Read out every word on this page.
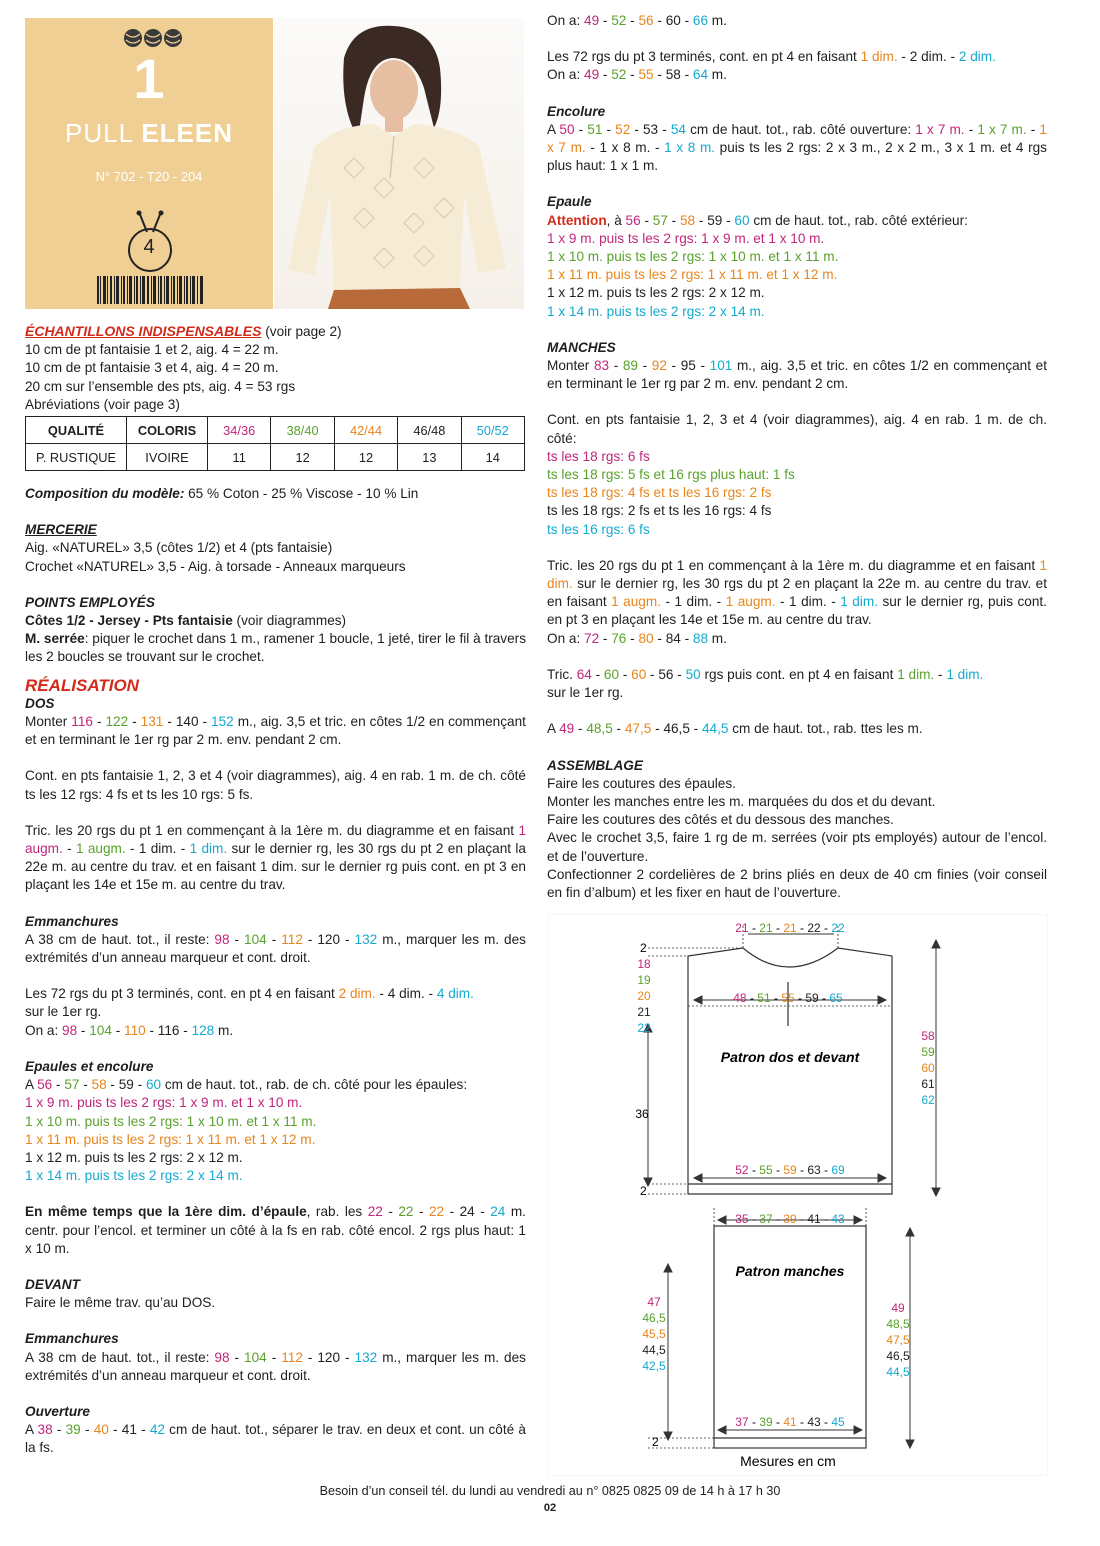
1
PULL ELEEN
N° 702 - T20 - 204
4

ÉCHANTILLONS INDISPENSABLES (voir page 2)

10 cm de pt fantaisie 1 et 2, aig. 4 = 22 m.

10 cm de pt fantaisie 3 et 4, aig. 4 = 20 m.

20 cm sur l’ensemble des pts, aig. 4 = 53 rgs

Abréviations (voir page 3)

QUALITÉ	COLORIS	34/36	38/40	42/44	46/48	50/52
P. RUSTIQUE	IVOIRE	11	12	12	13	14

Composition du modèle: 65 % Coton - 25 % Viscose - 10 % Lin

MERCERIE

Aig. «NATUREL» 3,5 (côtes 1/2) et 4 (pts fantaisie)

Crochet «NATUREL» 3,5 - Aig. à torsade - Anneaux marqueurs

POINTS EMPLOYÉS

Côtes 1/2 - Jersey - Pts fantaisie (voir diagrammes)

M. serrée: piquer le crochet dans 1 m., ramener 1 boucle, 1 jeté, tirer le fil à travers les 2 boucles se trouvant sur le crochet.

RÉALISATION

DOS

Monter 116 - 122 - 131 - 140 - 152 m., aig. 3,5 et tric. en côtes 1/2 en commençant et en terminant le 1er rg par 2 m. env. pendant 2 cm.

Cont. en pts fantaisie 1, 2, 3 et 4 (voir diagrammes), aig. 4 en rab. 1 m. de ch. côté ts les 12 rgs: 4 fs et ts les 10 rgs: 5 fs.

Tric. les 20 rgs du pt 1 en commençant à la 1ère m. du diagramme et en faisant 1 augm. - 1 augm. - 1 dim. - 1 dim. sur le dernier rg, les 30 rgs du pt 2 en plaçant la 22e m. au centre du trav. et en faisant 1 dim. sur le dernier rg puis cont. en pt 3 en plaçant les 14e et 15e m. au centre du trav.

Emmanchures

A 38 cm de haut. tot., il reste: 98 - 104 - 112 - 120 - 132 m., marquer les m. des extrémités d’un anneau marqueur et cont. droit.

Les 72 rgs du pt 3 terminés, cont. en pt 4 en faisant 2 dim. - 4 dim. - 4 dim.

sur le 1er rg.

On a: 98 - 104 - 110 - 116 - 128 m.

Epaules et encolure

A 56 - 57 - 58 - 59 - 60 cm de haut. tot., rab. de ch. côté pour les épaules:

1 x 9 m. puis ts les 2 rgs: 1 x 9 m. et 1 x 10 m.

1 x 10 m. puis ts les 2 rgs: 1 x 10 m. et 1 x 11 m.

1 x 11 m. puis ts les 2 rgs: 1 x 11 m. et 1 x 12 m.

1 x 12 m. puis ts les 2 rgs: 2 x 12 m.

1 x 14 m. puis ts les 2 rgs: 2 x 14 m.

En même temps que la 1ère dim. d’épaule, rab. les 22 - 22 - 22 - 24 - 24 m. centr. pour l’encol. et terminer un côté à la fs en rab. côté encol. 2 rgs plus haut: 1 x 10 m.

DEVANT

Faire le même trav. qu’au DOS.

Emmanchures

A 38 cm de haut. tot., il reste: 98 - 104 - 112 - 120 - 132 m., marquer les m. des extrémités d’un anneau marqueur et cont. droit.

Ouverture

A 38 - 39 - 40 - 41 - 42 cm de haut. tot., séparer le trav. en deux et cont. un côté à la fs.

On a: 49 - 52 - 56 - 60 - 66 m.

Les 72 rgs du pt 3 terminés, cont. en pt 4 en faisant 1 dim. - 2 dim. - 2 dim.

On a: 49 - 52 - 55 - 58 - 64 m.

Encolure

A 50 - 51 - 52 - 53 - 54 cm de haut. tot., rab. côté ouverture: 1 x 7 m. - 1 x 7 m. - 1 x 7 m. - 1 x 8 m. - 1 x 8 m. puis ts les 2 rgs: 2 x 3 m., 2 x 2 m., 3 x 1 m. et 4 rgs plus haut: 1 x 1 m.

Epaule

Attention, à 56 - 57 - 58 - 59 - 60 cm de haut. tot., rab. côté extérieur:

1 x 9 m. puis ts les 2 rgs: 1 x 9 m. et 1 x 10 m.

1 x 10 m. puis ts les 2 rgs: 1 x 10 m. et 1 x 11 m.

1 x 11 m. puis ts les 2 rgs: 1 x 11 m. et 1 x 12 m.

1 x 12 m. puis ts les 2 rgs: 2 x 12 m.

1 x 14 m. puis ts les 2 rgs: 2 x 14 m.

MANCHES

Monter 83 - 89 - 92 - 95 - 101 m., aig. 3,5 et tric. en côtes 1/2 en commençant et en terminant le 1er rg par 2 m. env. pendant 2 cm.

Cont. en pts fantaisie 1, 2, 3 et 4 (voir diagrammes), aig. 4 en rab. 1 m. de ch. côté:

ts les 18 rgs: 6 fs

ts les 18 rgs: 5 fs et 16 rgs plus haut: 1 fs

ts les 18 rgs: 4 fs et ts les 16 rgs: 2 fs

ts les 18 rgs: 2 fs et ts les 16 rgs: 4 fs

ts les 16 rgs: 6 fs

Tric. les 20 rgs du pt 1 en commençant à la 1ère m. du diagramme et en faisant 1 dim. sur le dernier rg, les 30 rgs du pt 2 en plaçant la 22e m. au centre du trav. et en faisant 1 augm. - 1 dim. - 1 augm. - 1 dim. - 1 dim. sur le dernier rg, puis cont. en pt 3 en plaçant les 14e et 15e m. au centre du trav.

On a: 72 - 76 - 80 - 84 - 88 m.

Tric. 64 - 60 - 60 - 56 - 50 rgs puis cont. en pt 4 en faisant 1 dim. - 1 dim.

sur le 1er rg.

A 49 - 48,5 - 47,5 - 46,5 - 44,5 cm de haut. tot., rab. ttes les m.

ASSEMBLAGE

Faire les coutures des épaules.

Monter les manches entre les m. marquées du dos et du devant.

Faire les coutures des côtés et du dessous des manches.

Avec le crochet 3,5, faire 1 rg de m. serrées (voir pts employés) autour de l’encol. et de l’ouverture.

Confectionner 2 cordelières de 2 brins pliés en deux de 40 cm finies (voir conseil en fin d’album) et les fixer en haut de l’ouverture.

21 - 21 - 21 - 22 - 22
48 - 51 - 55 - 59 - 65
Patron dos et devant
52 - 55 - 59 - 63 - 69
2
18
19
20
21
22
36
2
58
59
60
61
62
35 - 37 - 39 - 41 - 43
Patron manches
47
46,5
45,5
44,5
42,5
49
48,5
47,5
46,5
44,5
37 - 39 - 41 - 43 - 45
2
Mesures en cm
Besoin d’un conseil tél. du lundi au vendredi au n° 0825 0825 09 de 14 h à 17 h 30
02
